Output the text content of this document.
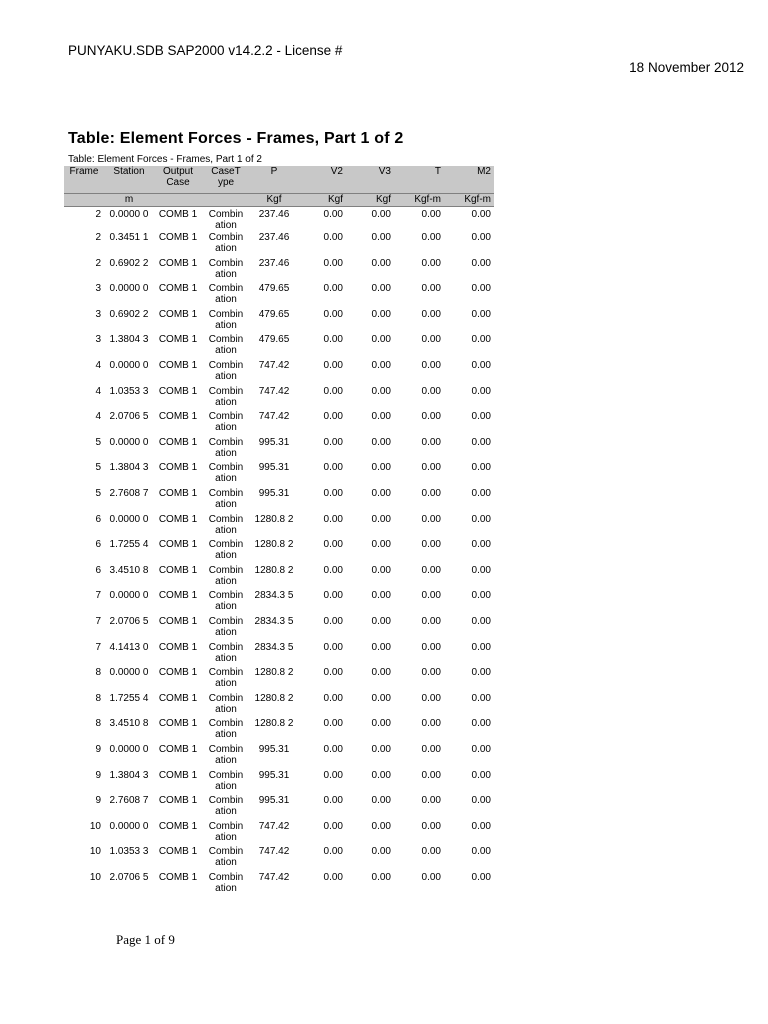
PUNYAKU.SDB SAP2000 v14.2.2 - License #
18 November 2012
Table: Element Forces - Frames, Part 1 of 2
Table: Element Forces - Frames, Part 1 of 2
Frame	Station	Output Case	CaseT ype	P	V2	V3	T	M2
	m			Kgf	Kgf	Kgf	Kgf-m	Kgf-m
2	0.0000 0	COMB 1	Combin ation	237.46	0.00	0.00	0.00	0.00
2	0.3451 1	COMB 1	Combin ation	237.46	0.00	0.00	0.00	0.00
2	0.6902 2	COMB 1	Combin ation	237.46	0.00	0.00	0.00	0.00
3	0.0000 0	COMB 1	Combin ation	479.65	0.00	0.00	0.00	0.00
3	0.6902 2	COMB 1	Combin ation	479.65	0.00	0.00	0.00	0.00
3	1.3804 3	COMB 1	Combin ation	479.65	0.00	0.00	0.00	0.00
4	0.0000 0	COMB 1	Combin ation	747.42	0.00	0.00	0.00	0.00
4	1.0353 3	COMB 1	Combin ation	747.42	0.00	0.00	0.00	0.00
4	2.0706 5	COMB 1	Combin ation	747.42	0.00	0.00	0.00	0.00
5	0.0000 0	COMB 1	Combin ation	995.31	0.00	0.00	0.00	0.00
5	1.3804 3	COMB 1	Combin ation	995.31	0.00	0.00	0.00	0.00
5	2.7608 7	COMB 1	Combin ation	995.31	0.00	0.00	0.00	0.00
6	0.0000 0	COMB 1	Combin ation	1280.8 2	0.00	0.00	0.00	0.00
6	1.7255 4	COMB 1	Combin ation	1280.8 2	0.00	0.00	0.00	0.00
6	3.4510 8	COMB 1	Combin ation	1280.8 2	0.00	0.00	0.00	0.00
7	0.0000 0	COMB 1	Combin ation	2834.3 5	0.00	0.00	0.00	0.00
7	2.0706 5	COMB 1	Combin ation	2834.3 5	0.00	0.00	0.00	0.00
7	4.1413 0	COMB 1	Combin ation	2834.3 5	0.00	0.00	0.00	0.00
8	0.0000 0	COMB 1	Combin ation	1280.8 2	0.00	0.00	0.00	0.00
8	1.7255 4	COMB 1	Combin ation	1280.8 2	0.00	0.00	0.00	0.00
8	3.4510 8	COMB 1	Combin ation	1280.8 2	0.00	0.00	0.00	0.00
9	0.0000 0	COMB 1	Combin ation	995.31	0.00	0.00	0.00	0.00
9	1.3804 3	COMB 1	Combin ation	995.31	0.00	0.00	0.00	0.00
9	2.7608 7	COMB 1	Combin ation	995.31	0.00	0.00	0.00	0.00
10	0.0000 0	COMB 1	Combin ation	747.42	0.00	0.00	0.00	0.00
10	1.0353 3	COMB 1	Combin ation	747.42	0.00	0.00	0.00	0.00
10	2.0706 5	COMB 1	Combin ation	747.42	0.00	0.00	0.00	0.00
Page 1 of 9
